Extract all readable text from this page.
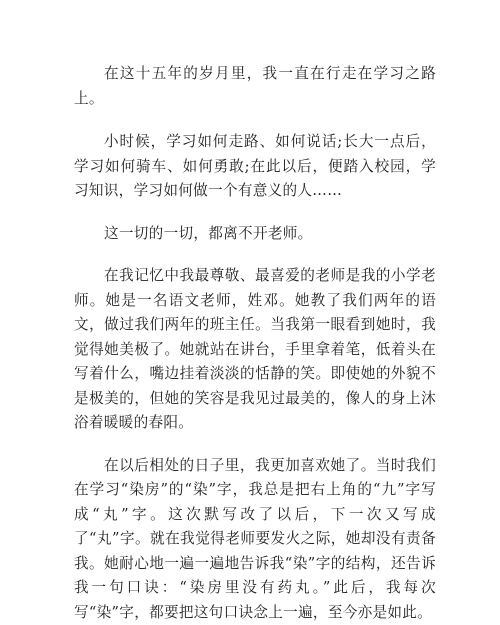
在这十五年的岁月里，我一直在行走在学习之路上。

小时候，学习如何走路、如何说话;长大一点后，学习如何骑车、如何勇敢;在此以后，便踏入校园，学习知识，学习如何做一个有意义的人……

这一切的一切，都离不开老师。

在我记忆中我最尊敬、最喜爱的老师是我的小学老师。她是一名语文老师，姓邓。她教了我们两年的语文，做过我们两年的班主任。当我第一眼看到她时，我觉得她美极了。她就站在讲台，手里拿着笔，低着头在写着什么，嘴边挂着淡淡的恬静的笑。即使她的外貌不是极美的，但她的笑容是我见过最美的，像人的身上沐浴着暖暖的春阳。

在以后相处的日子里，我更加喜欢她了。当时我们在学习“染房”的“染”字，我总是把右上角的“九”字写成“丸”字。这次默写改了以后，下一次又写成了“丸”字。就在我觉得老师要发火之际，她却没有责备我。她耐心地一遍一遍地告诉我“染”字的结构，还告诉我一句口诀：“染房里没有药丸。”此后，我每次写“染”字，都要把这句口诀念上一遍，至今亦是如此。
